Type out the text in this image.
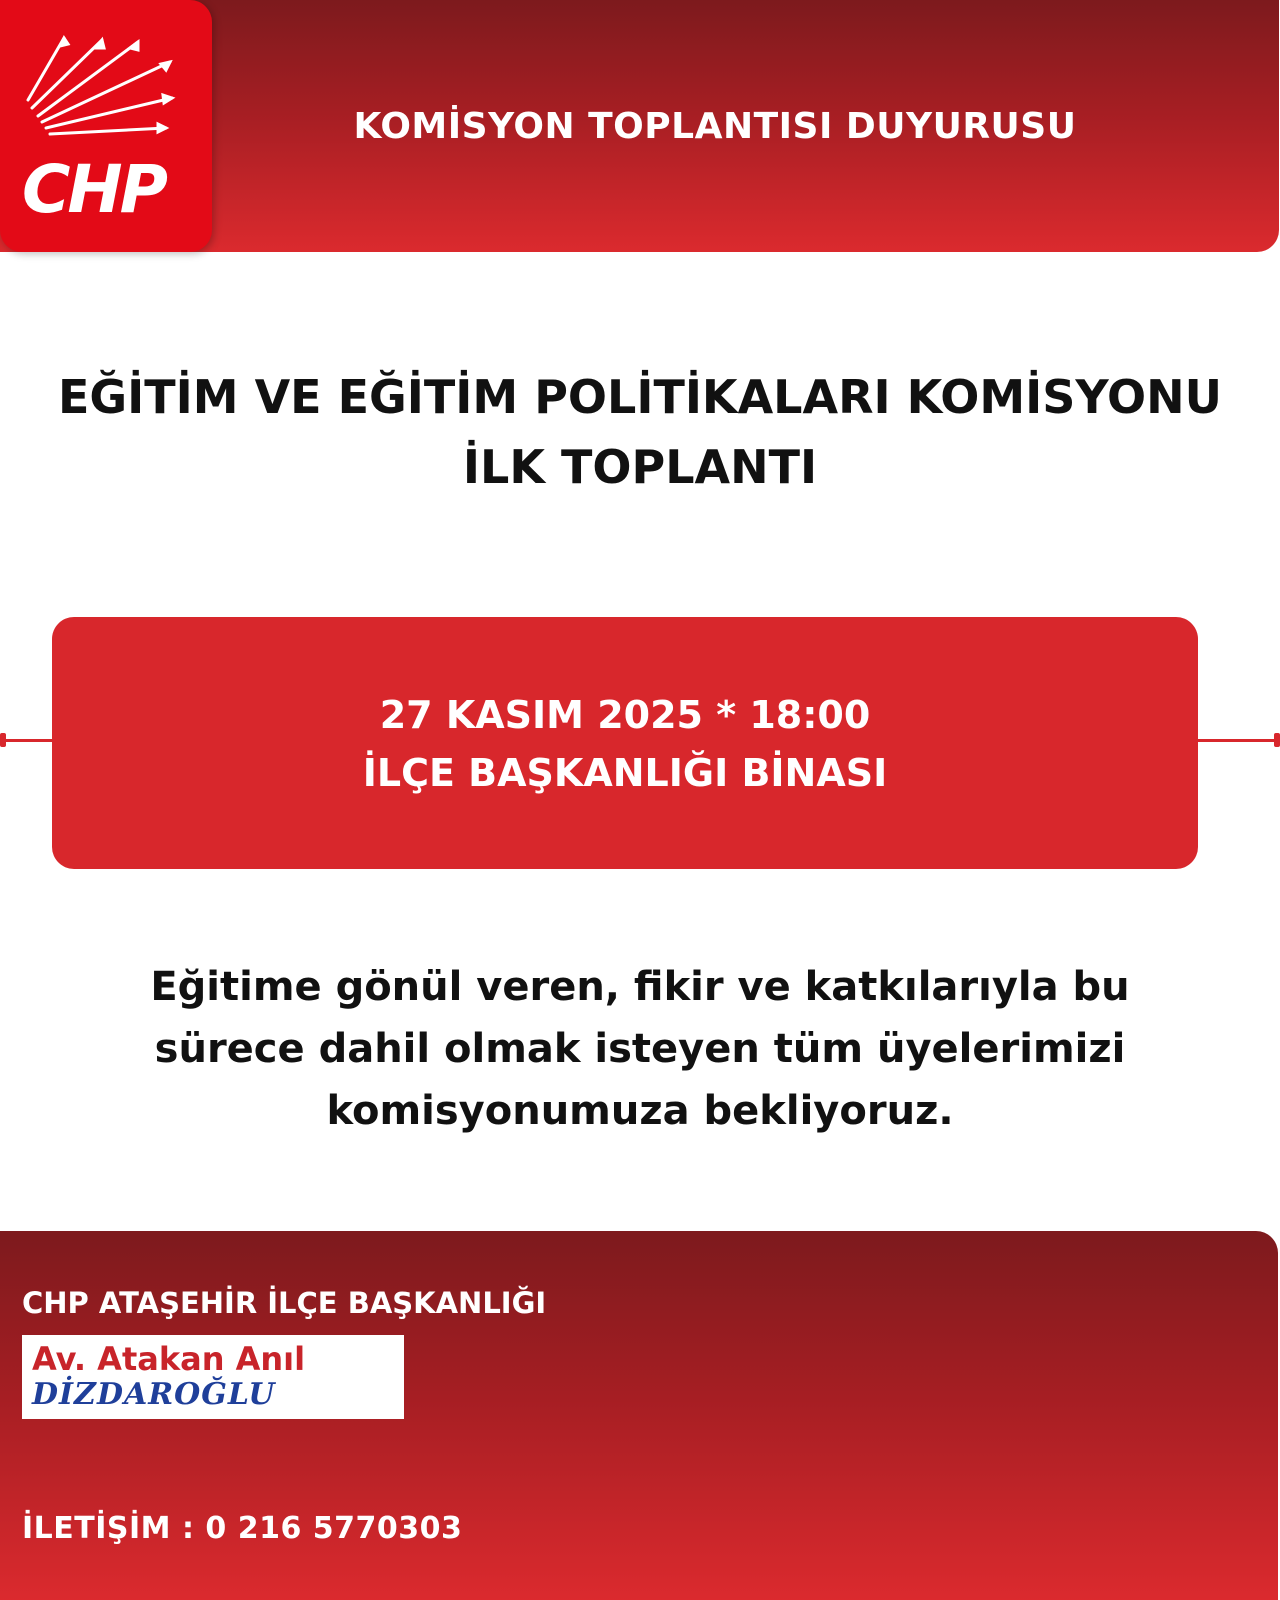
CHP
KOMİSYON TOPLANTISI DUYURUSU
EĞİTİM VE EĞİTİM POLİTİKALARI KOMİSYONU
İLK TOPLANTI
27 KASIM 2025 * 18:00
İLÇE BAŞKANLIĞI BİNASI
Eğitime gönül veren, fikir ve katkılarıyla bu
sürece dahil olmak isteyen tüm üyelerimizi
komisyonumuza bekliyoruz.
CHP ATAŞEHİR İLÇE BAŞKANLIĞI
Av. Atakan Anıl
DİZDAROĞLU
İLETİŞİM : 0 216 5770303
